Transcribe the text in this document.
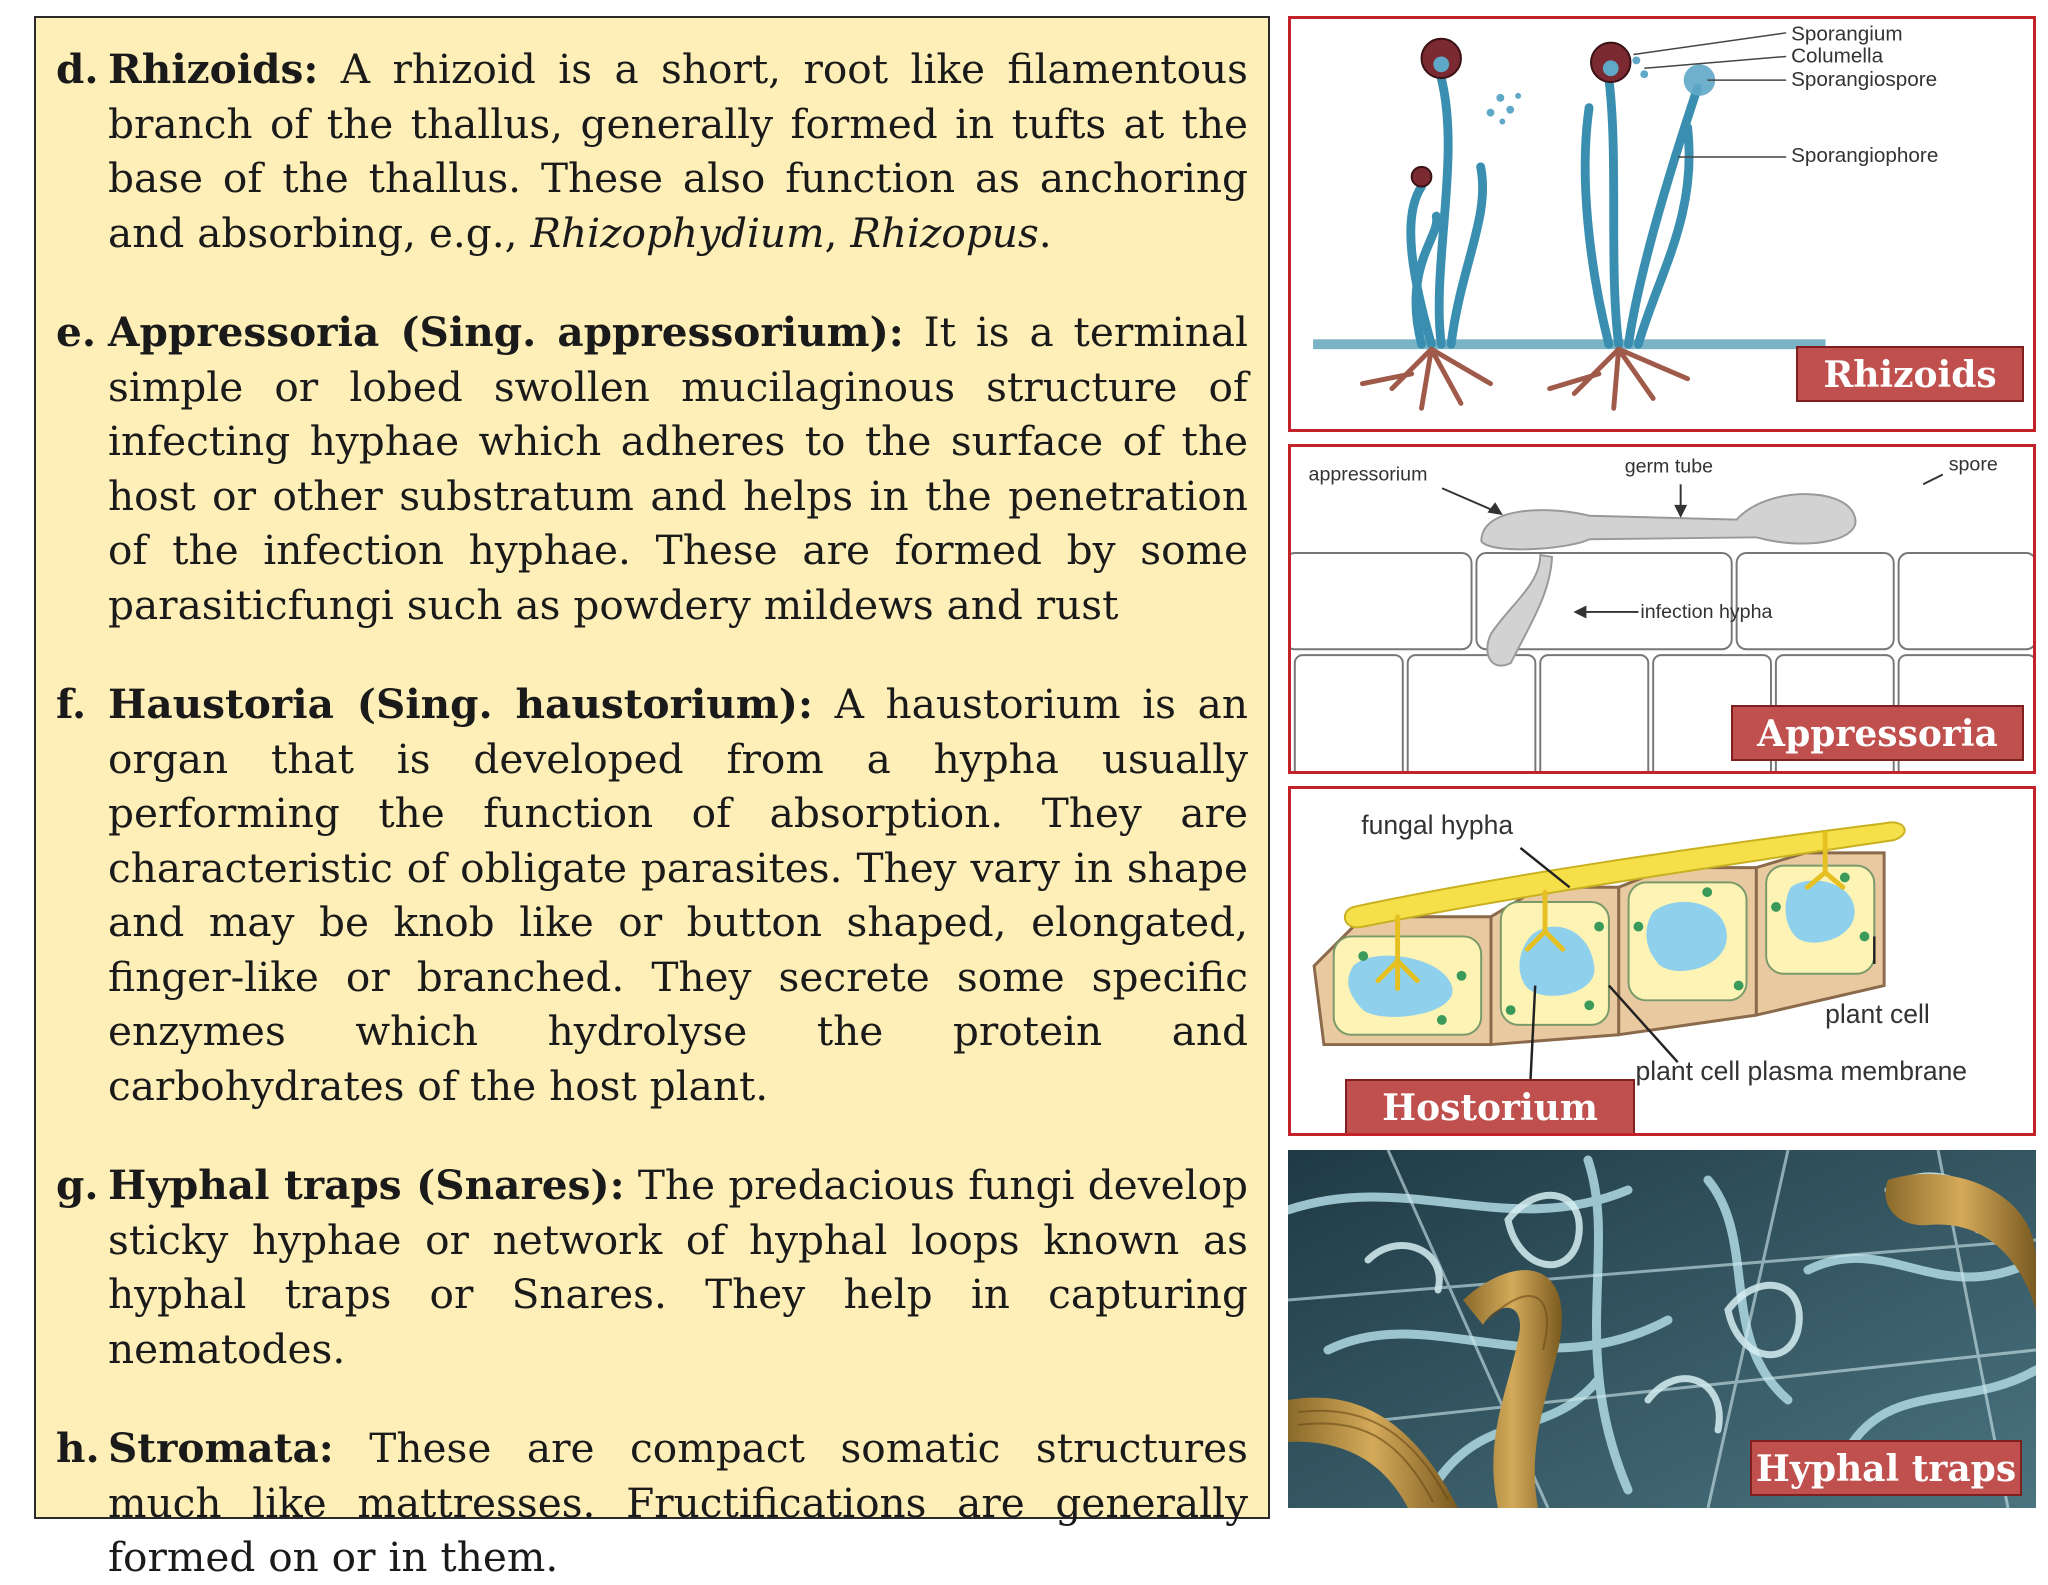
d. Rhizoids: A rhizoid is a short, root like filamentous branch of the thallus, generally formed in tufts at the base of the thallus. These also function as anchoring and absorbing, e.g., Rhizophydium, Rhizopus.
e. Appressoria (Sing. appressorium): It is a terminal simple or lobed swollen mucilaginous structure of infecting hyphae which adheres to the surface of the host or other substratum and helps in the penetration of the infection hyphae. These are formed by some parasiticfungi such as powdery mildews and rust
f. Haustoria (Sing. haustorium): A haustorium is an organ that is developed from a hypha usually performing the function of absorption. They are characteristic of obligate parasites. They vary in shape and may be knob like or button shaped, elongated, finger-like or branched. They secrete some specific enzymes which hydrolyse the protein and carbohydrates of the host plant.
g. Hyphal traps (Snares): The predacious fungi develop sticky hyphae or network of hyphal loops known as hyphal traps or Snares. They help in capturing nematodes.
h. Stromata: These are compact somatic structures much like mattresses. Fructifications are generally formed on or in them.
Sporangium
Columella
Sporangiospore
Sporangiophore
Rhizoids
appressorium	germ tube	spore
infection hypha
Appressoria
fungal hypha
plant cell
plant cell plasma membrane
Hostorium
Hyphal traps
